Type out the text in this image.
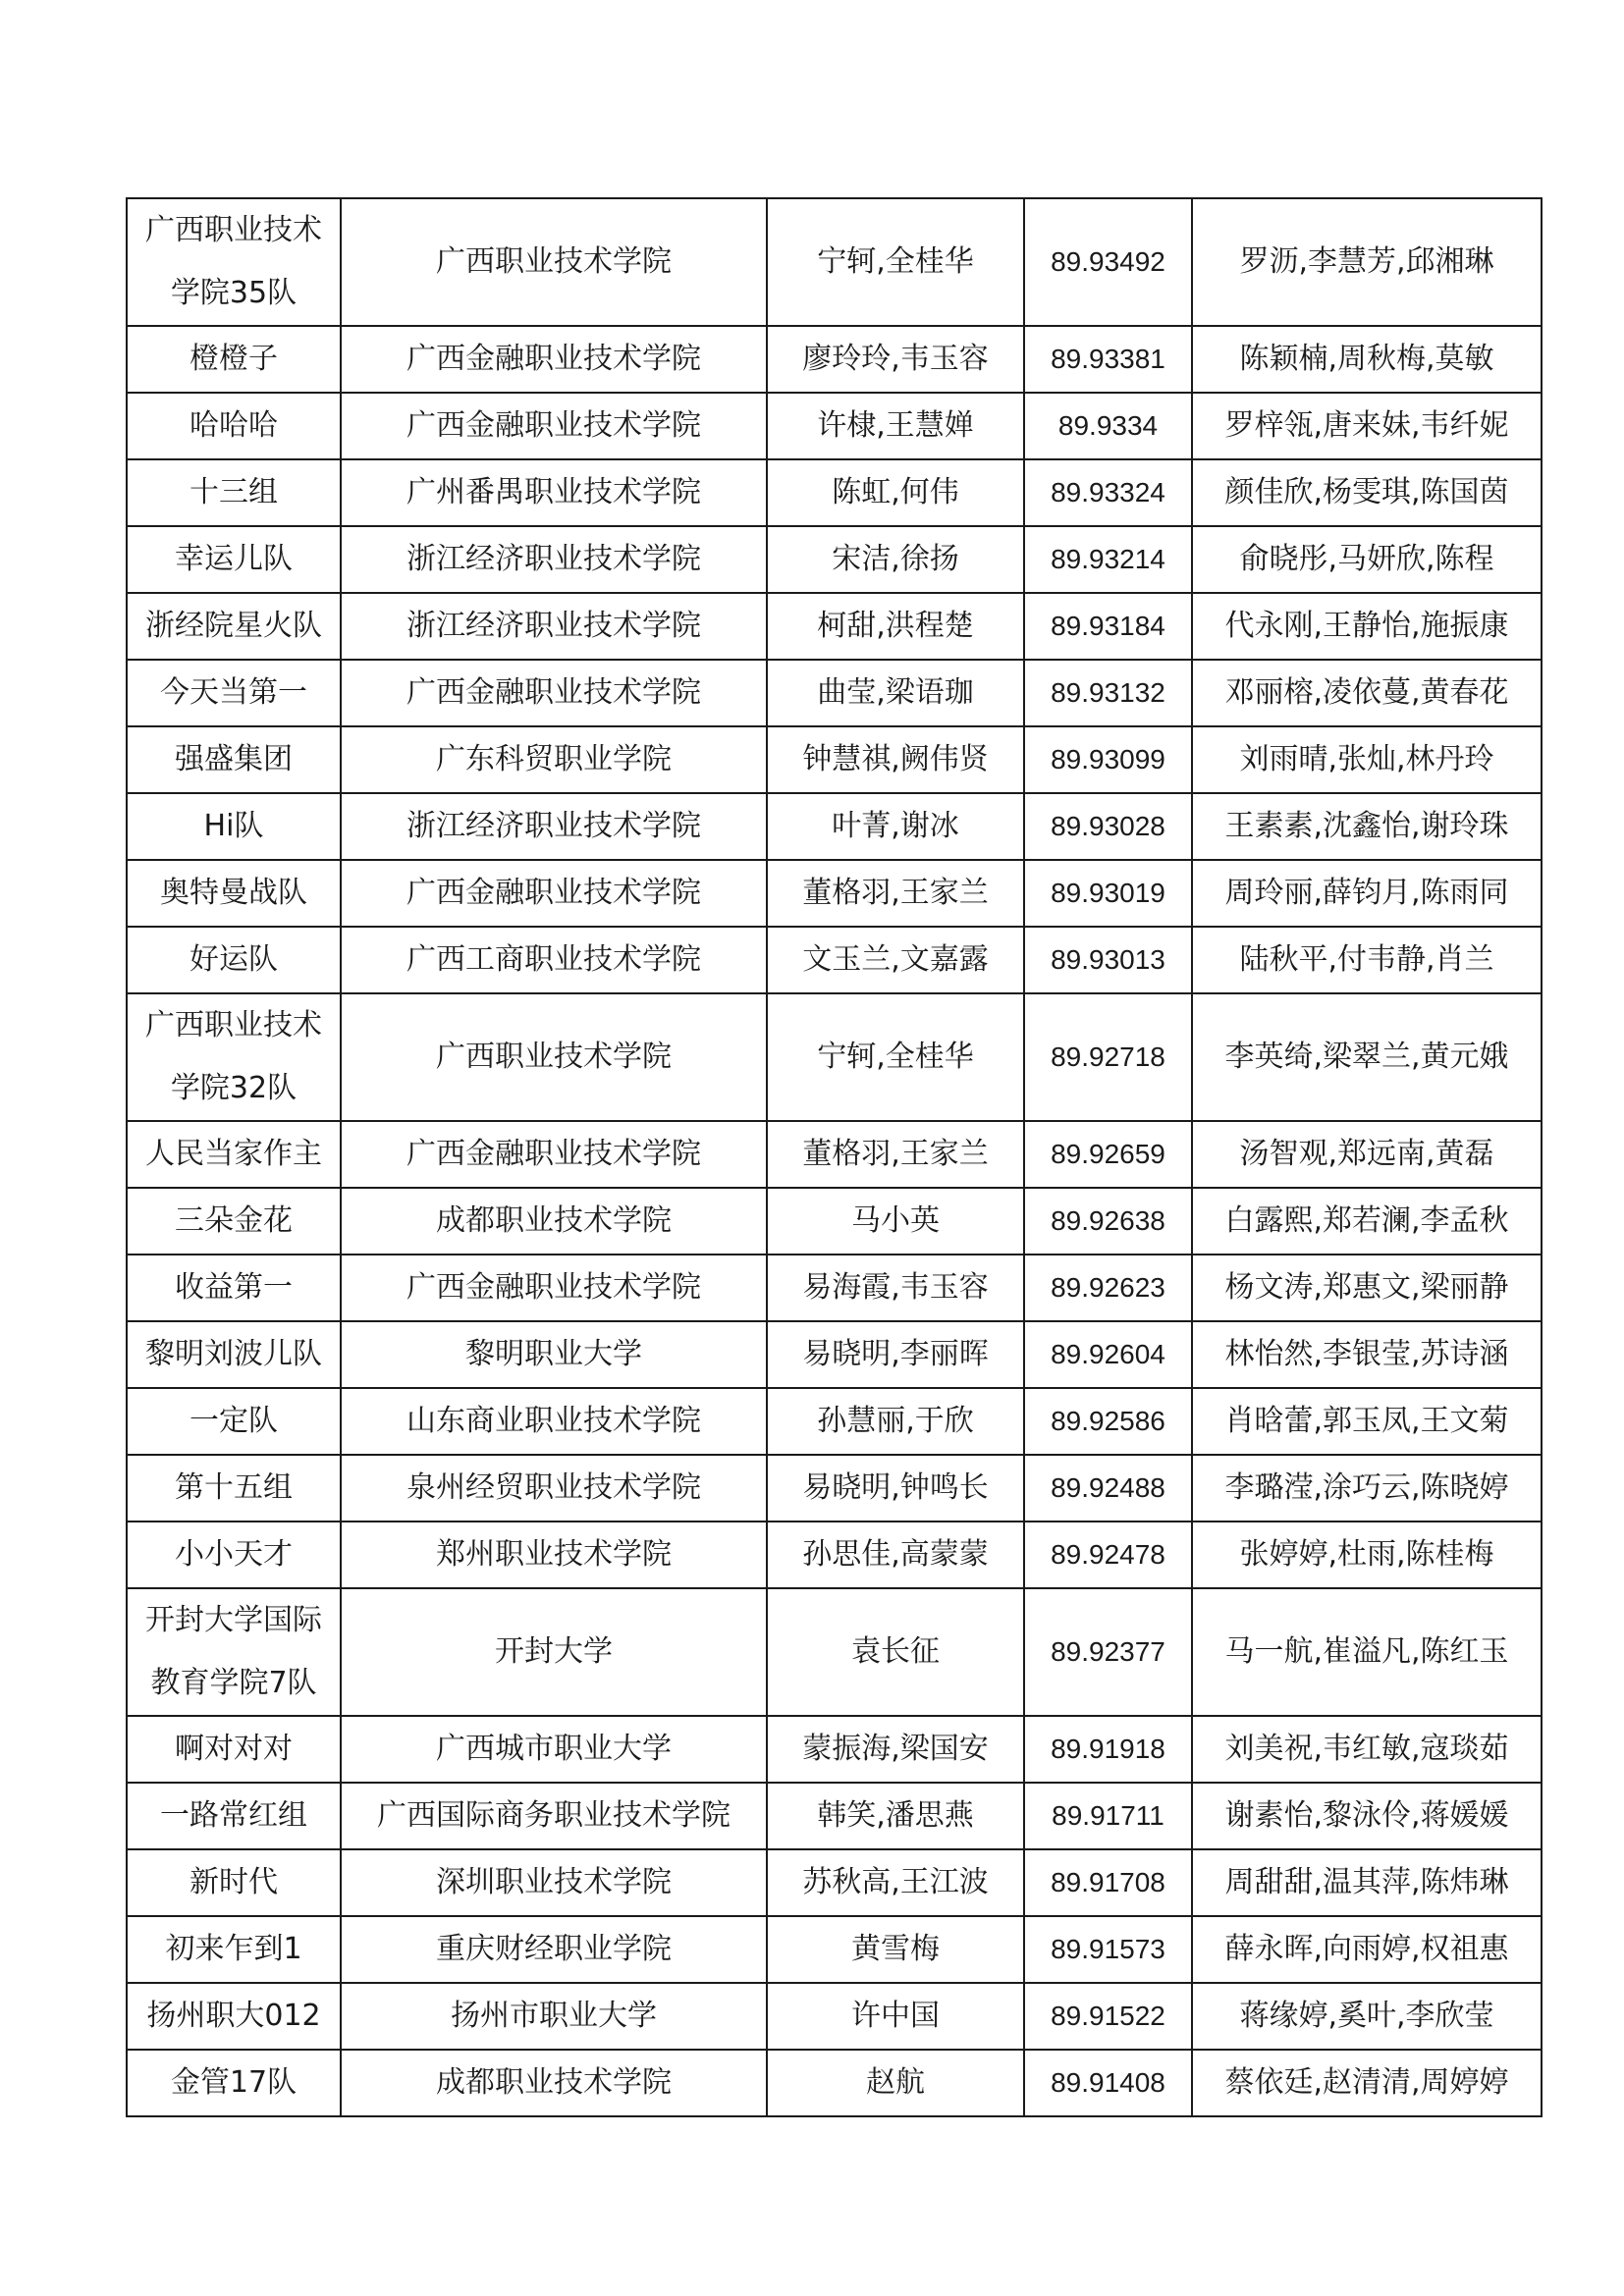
广西职业技术学院35队	广西职业技术学院	宁轲,全桂华	89.93492	罗沥,李慧芳,邱湘琳
橙橙子	广西金融职业技术学院	廖玲玲,韦玉容	89.93381	陈颖楠,周秋梅,莫敏
哈哈哈	广西金融职业技术学院	许棣,王慧婵	89.9334	罗梓瓴,唐来妹,韦纤妮
十三组	广州番禺职业技术学院	陈虹,何伟	89.93324	颜佳欣,杨雯琪,陈国茵
幸运儿队	浙江经济职业技术学院	宋洁,徐扬	89.93214	俞晓彤,马妍欣,陈程
浙经院星火队	浙江经济职业技术学院	柯甜,洪程楚	89.93184	代永刚,王静怡,施振康
今天当第一	广西金融职业技术学院	曲莹,梁语珈	89.93132	邓丽榕,凌依蔓,黄春花
强盛集团	广东科贸职业学院	钟慧祺,阙伟贤	89.93099	刘雨晴,张灿,林丹玲
Hi队	浙江经济职业技术学院	叶菁,谢冰	89.93028	王素素,沈鑫怡,谢玲珠
奥特曼战队	广西金融职业技术学院	董格羽,王家兰	89.93019	周玲丽,薛钧月,陈雨同
好运队	广西工商职业技术学院	文玉兰,文嘉露	89.93013	陆秋平,付韦静,肖兰
广西职业技术学院32队	广西职业技术学院	宁轲,全桂华	89.92718	李英绮,梁翠兰,黄元娥
人民当家作主	广西金融职业技术学院	董格羽,王家兰	89.92659	汤智观,郑远南,黄磊
三朵金花	成都职业技术学院	马小英	89.92638	白露熙,郑若澜,李孟秋
收益第一	广西金融职业技术学院	易海霞,韦玉容	89.92623	杨文涛,郑惠文,梁丽静
黎明刘波儿队	黎明职业大学	易晓明,李丽晖	89.92604	林怡然,李银莹,苏诗涵
一定队	山东商业职业技术学院	孙慧丽,于欣	89.92586	肖晗蕾,郭玉凤,王文菊
第十五组	泉州经贸职业技术学院	易晓明,钟鸣长	89.92488	李璐滢,涂巧云,陈晓婷
小小天才	郑州职业技术学院	孙思佳,高蒙蒙	89.92478	张婷婷,杜雨,陈桂梅
开封大学国际教育学院7队	开封大学	袁长征	89.92377	马一航,崔溢凡,陈红玉
啊对对对	广西城市职业大学	蒙振海,梁国安	89.91918	刘美祝,韦红敏,寇琰茹
一路常红组	广西国际商务职业技术学院	韩笑,潘思燕	89.91711	谢素怡,黎泳伶,蒋媛媛
新时代	深圳职业技术学院	苏秋高,王江波	89.91708	周甜甜,温其萍,陈炜琳
初来乍到1	重庆财经职业学院	黄雪梅	89.91573	薛永晖,向雨婷,权祖惠
扬州职大012	扬州市职业大学	许中国	89.91522	蒋缘婷,奚叶,李欣莹
金管17队	成都职业技术学院	赵航	89.91408	蔡依廷,赵清清,周婷婷
